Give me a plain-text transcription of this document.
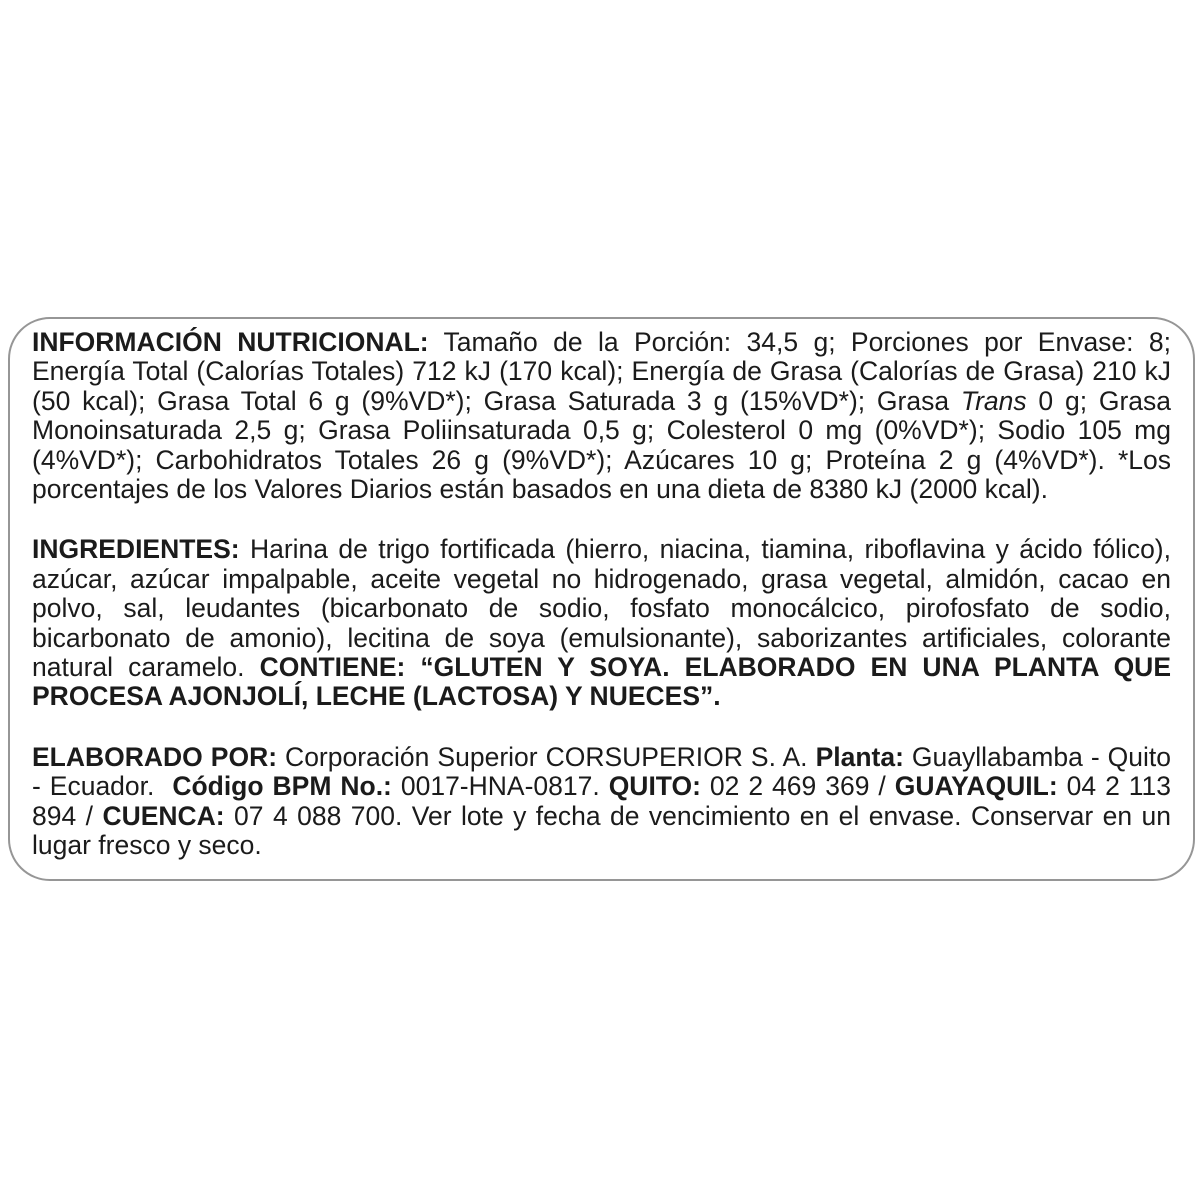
INFORMACIÓN NUTRICIONAL: Tamaño de la Porción: 34,5 g; Porciones por Envase: 8; Energía Total (Calorías Totales) 712 kJ (170 kcal); Energía de Grasa (Calorías de Grasa) 210 kJ (50 kcal); Grasa Total 6 g (9%VD*); Grasa Saturada 3 g (15%VD*); Grasa Trans 0 g; Grasa Monoinsaturada 2,5 g; Grasa Poliinsaturada 0,5 g; Colesterol 0 mg (0%VD*); Sodio 105 mg (4%VD*); Carbohidratos Totales 26 g (9%VD*); Azúcares 10 g; Proteína 2 g (4%VD*). *Los porcentajes de los Valores Diarios están basados en una dieta de 8380 kJ (2000 kcal).

INGREDIENTES: Harina de trigo fortificada (hierro, niacina, tiamina, riboflavina y ácido fólico), azúcar, azúcar impalpable, aceite vegetal no hidrogenado, grasa vegetal, almidón, cacao en polvo, sal, leudantes (bicarbonato de sodio, fosfato monocálcico, pirofosfato de sodio, bicarbonato de amonio), lecitina de soya (emulsionante), saborizantes artificiales, colorante natural caramelo. CONTIENE: “GLUTEN Y SOYA. ELABORADO EN UNA PLANTA QUE PROCESA AJONJOLÍ, LECHE (LACTOSA) Y NUECES”.

ELABORADO POR: Corporación Superior CORSUPERIOR S. A. Planta: Guayllabamba - Quito - Ecuador.  Código BPM No.: 0017-HNA-0817. QUITO: 02 2 469 369 / GUAYAQUIL: 04 2 113 894 / CUENCA: 07 4 088 700. Ver lote y fecha de vencimiento en el envase. Conservar en un lugar fresco y seco.
